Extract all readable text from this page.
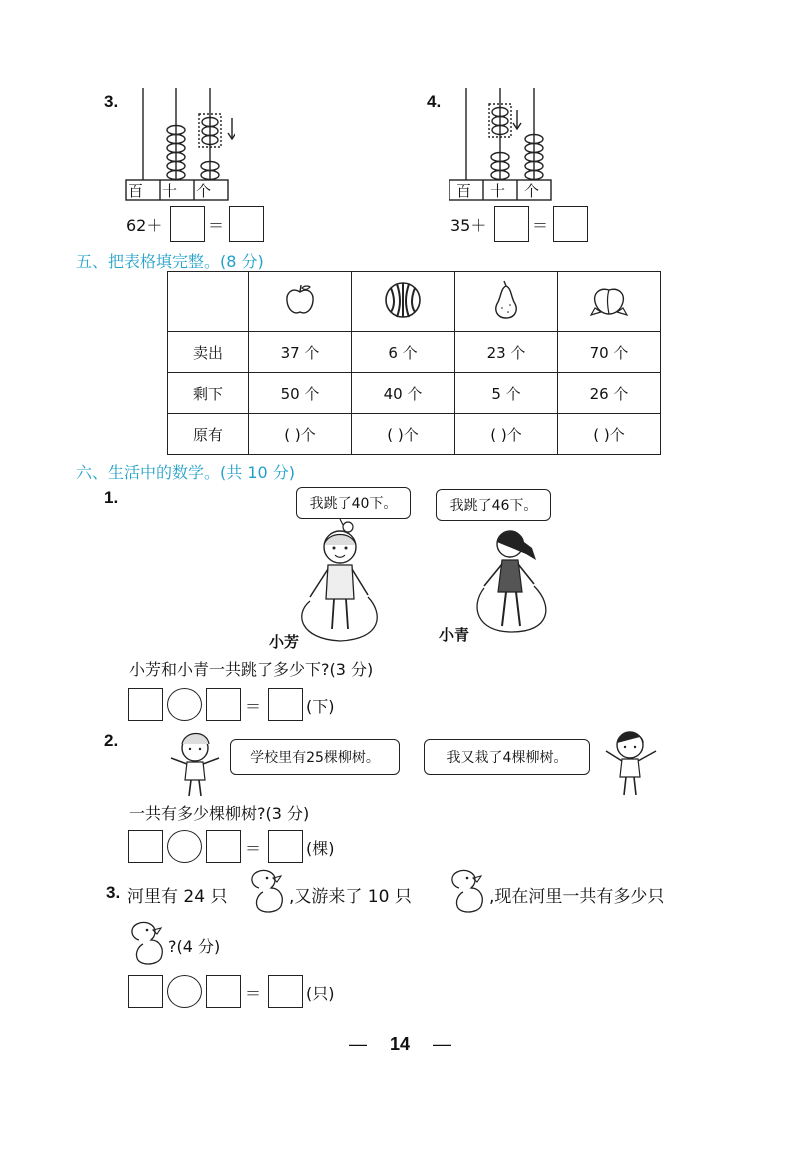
3.
百 十 个
62＋	＝
4.
百 十 个
35＋	＝
五、把表格填完整。(8 分)

卖出	37 个	6 个	23 个	70 个
剩下	50 个	40 个	5 个	26 个
原有	( )个	( )个	( )个	( )个
六、生活中的数学。(共 10 分)
1.	我跳了40下。	我跳了46下。
小芳	小青
小芳和小青一共跳了多少下?(3 分)
＝	(下)
2.
学校里有25棵柳树。	我又栽了4棵柳树。
一共有多少棵柳树?(3 分)
＝	(棵)
3. 河里有 24 只	,又游来了 10 只	,现在河里一共有多少只
?(4 分)
＝	(只)
— 14 —
